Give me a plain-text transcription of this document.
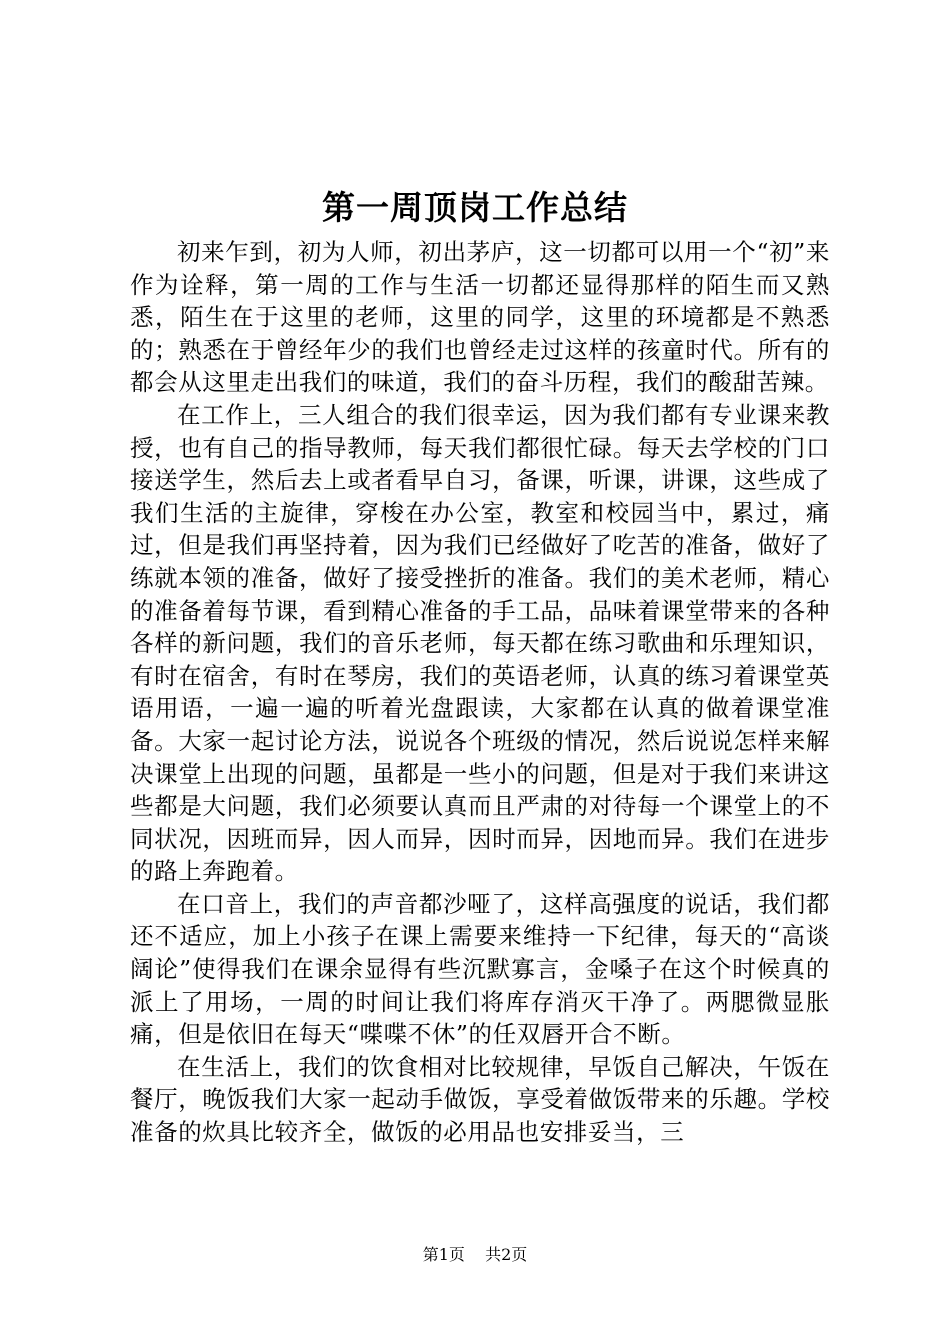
第一周顶岗工作总结

初来乍到，初为人师，初出茅庐，这一切都可以用一个“初”来作为诠释，第一周的工作与生活一切都还显得那样的陌生而又熟悉，陌生在于这里的老师，这里的同学，这里的环境都是不熟悉的；熟悉在于曾经年少的我们也曾经走过这样的孩童时代。所有的都会从这里走出我们的味道，我们的奋斗历程，我们的酸甜苦辣。

在工作上，三人组合的我们很幸运，因为我们都有专业课来教授，也有自己的指导教师，每天我们都很忙碌。每天去学校的门口接送学生，然后去上或者看早自习，备课，听课，讲课，这些成了我们生活的主旋律，穿梭在办公室，教室和校园当中，累过，痛过，但是我们再坚持着，因为我们已经做好了吃苦的准备，做好了练就本领的准备，做好了接受挫折的准备。我们的美术老师，精心的准备着每节课，看到精心准备的手工品，品味着课堂带来的各种各样的新问题，我们的音乐老师，每天都在练习歌曲和乐理知识，有时在宿舍，有时在琴房，我们的英语老师，认真的练习着课堂英语用语，一遍一遍的听着光盘跟读，大家都在认真的做着课堂准备。大家一起讨论方法，说说各个班级的情况，然后说说怎样来解决课堂上出现的问题，虽都是一些小的问题，但是对于我们来讲这些都是大问题，我们必须要认真而且严肃的对待每一个课堂上的不同状况，因班而异，因人而异，因时而异，因地而异。我们在进步的路上奔跑着。

在口音上，我们的声音都沙哑了，这样高强度的说话，我们都还不适应，加上小孩子在课上需要来维持一下纪律，每天的“高谈阔论”使得我们在课余显得有些沉默寡言，金嗓子在这个时候真的派上了用场，一周的时间让我们将库存消灭干净了。两腮微显胀痛，但是依旧在每天“喋喋不休”的任双唇开合不断。

在生活上，我们的饮食相对比较规律，早饭自己解决，午饭在餐厅，晚饭我们大家一起动手做饭，享受着做饭带来的乐趣。学校准备的炊具比较齐全，做饭的必用品也安排妥当，三

第1页 共2页
